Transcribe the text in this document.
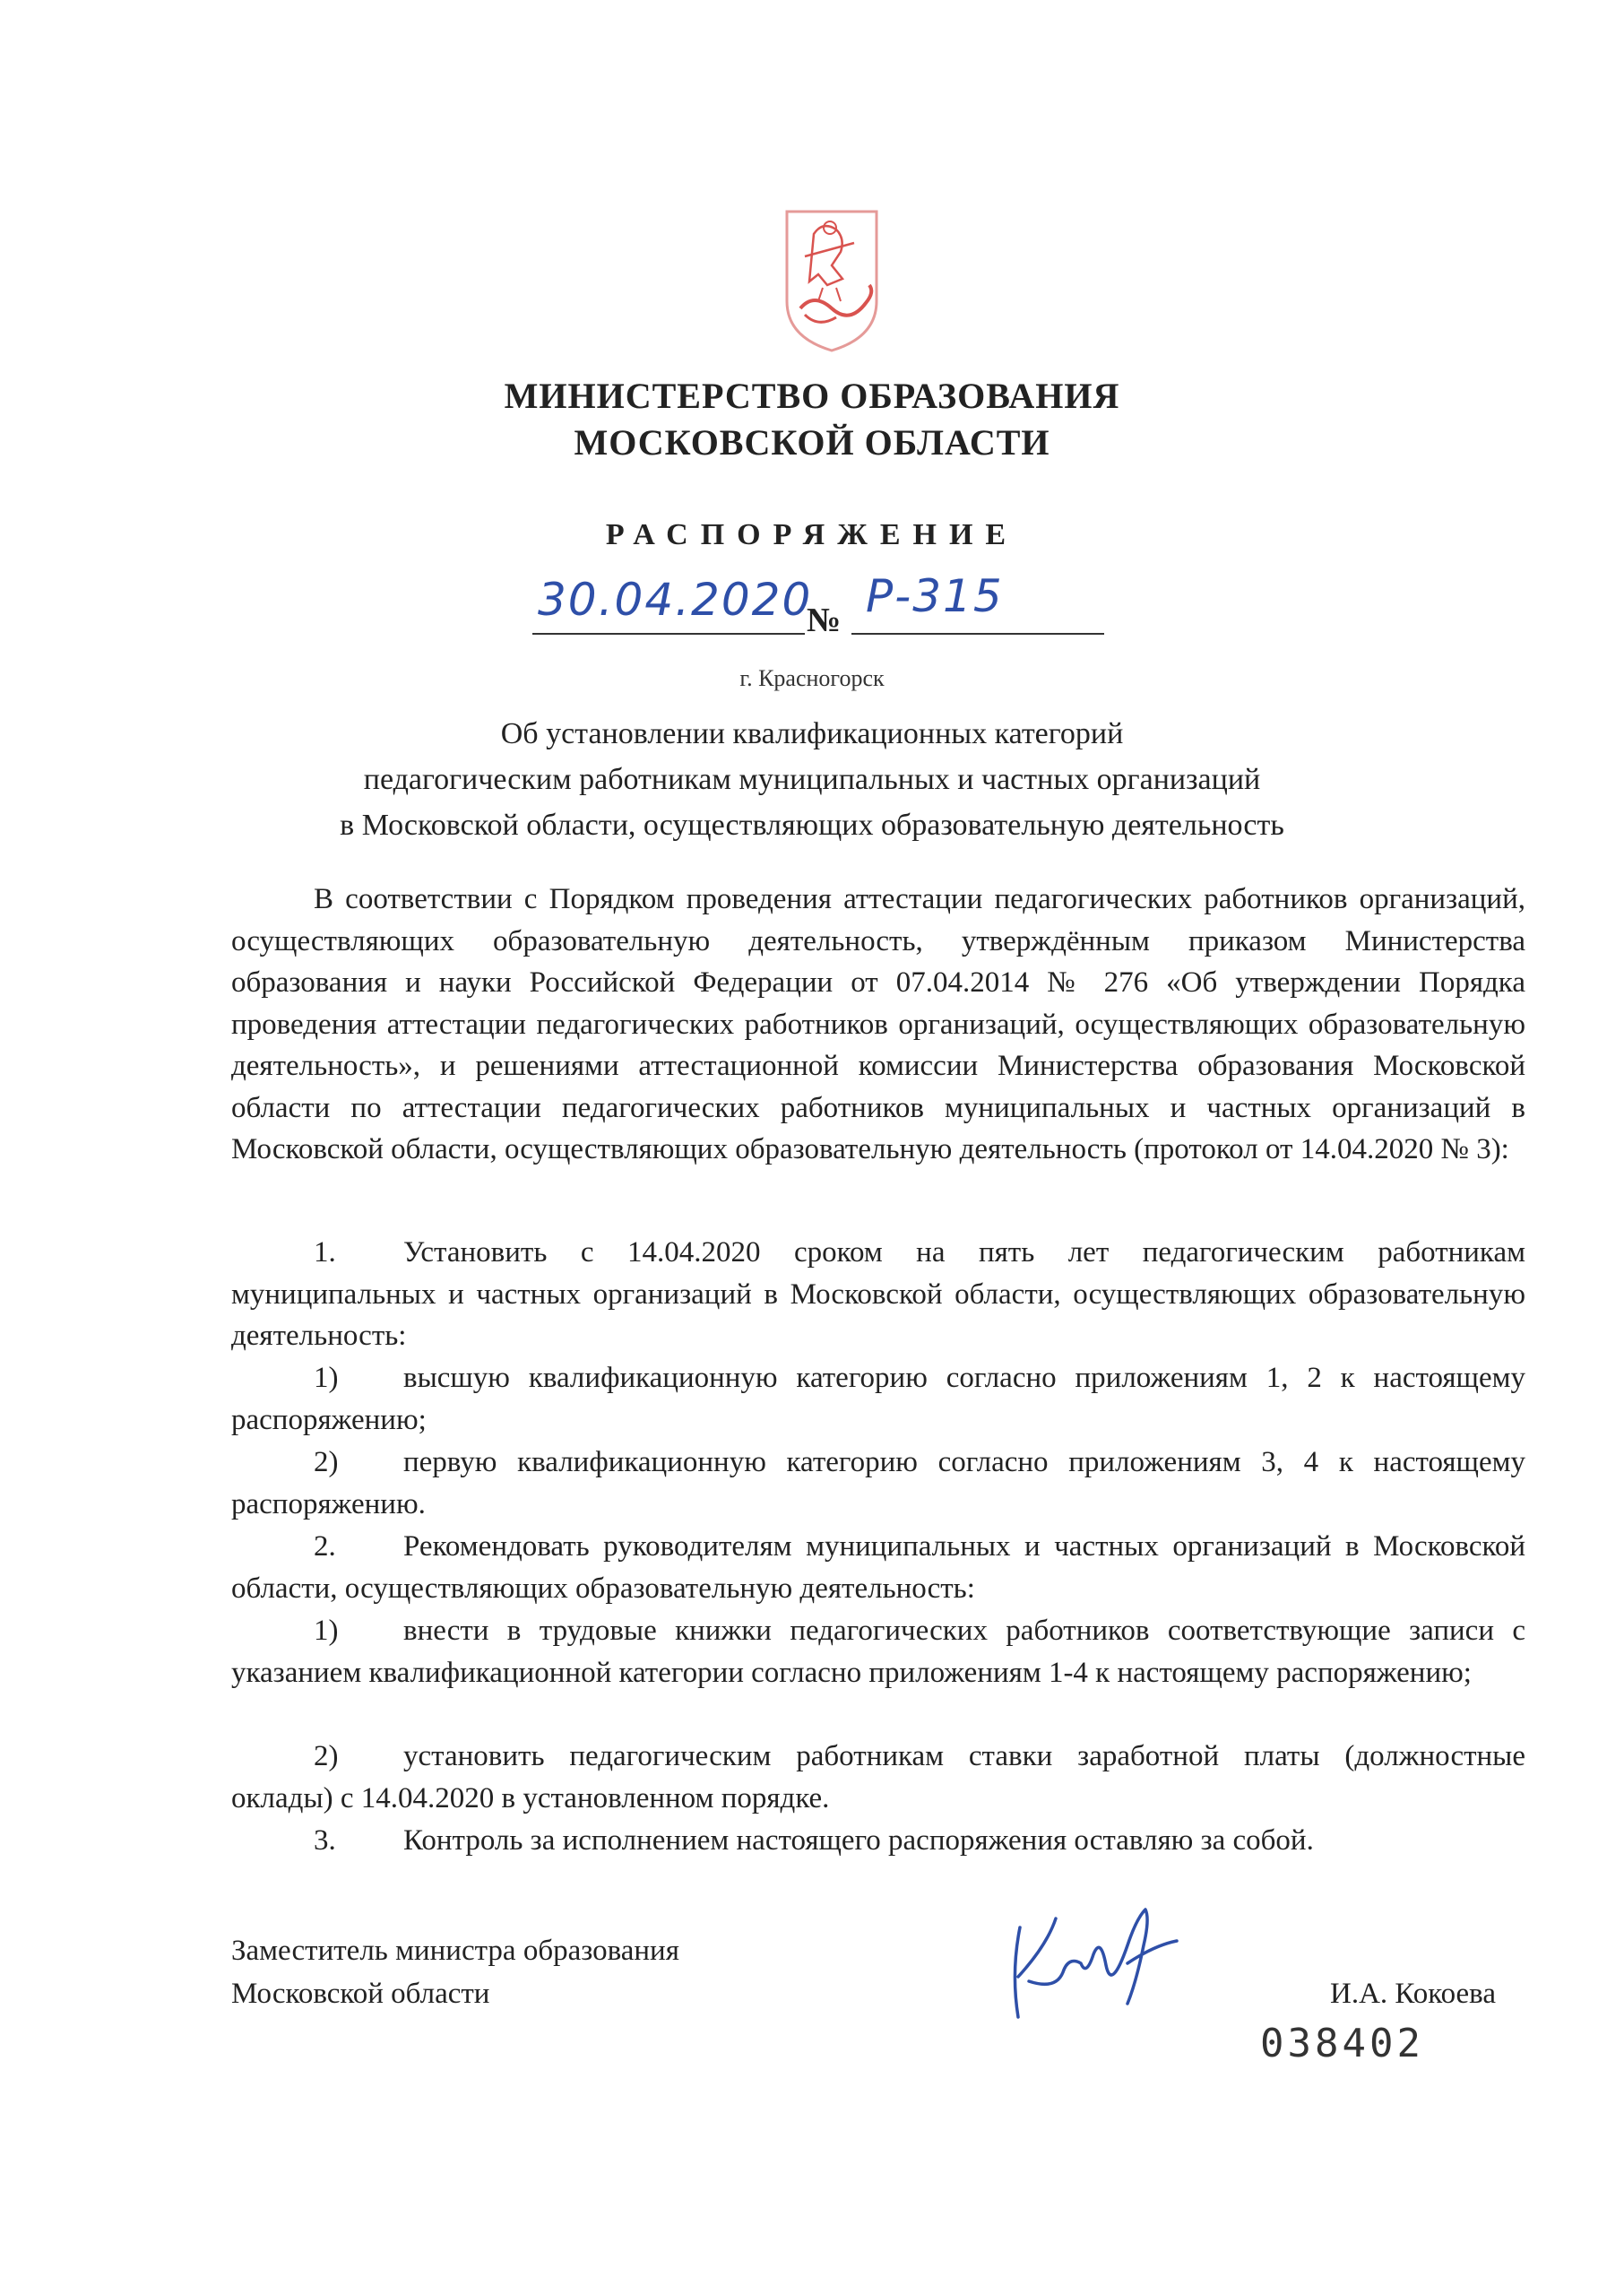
МИНИСТЕРСТВО ОБРАЗОВАНИЯ
МОСКОВСКОЙ ОБЛАСТИ
РАСПОРЯЖЕНИЕ
30.04.2020
№ Р-315
г. Красногорск
Об установлении квалификационных категорий
педагогическим работникам муниципальных и частных организаций
в Московской области, осуществляющих образовательную деятельность
В соответствии с Порядком проведения аттестации педагогических работников организаций, осуществляющих образовательную деятельность, утверждённым приказом Министерства образования и науки Российской Федерации от 07.04.2014 № 276 «Об утверждении Порядка проведения аттестации педагогических работников организаций, осуществляющих образовательную деятельность», и решениями аттестационной комиссии Министерства образования Московской области по аттестации педагогических работников муниципальных и частных организаций в Московской области, осуществляющих образовательную деятельность (протокол от 14.04.2020 № 3):
1. Установить с 14.04.2020 сроком на пять лет педагогическим работникам муниципальных и частных организаций в Московской области, осуществляющих образовательную деятельность:
1) высшую квалификационную категорию согласно приложениям 1, 2 к настоящему распоряжению;
2) первую квалификационную категорию согласно приложениям 3, 4 к настоящему распоряжению.
2. Рекомендовать руководителям муниципальных и частных организаций в Московской области, осуществляющих образовательную деятельность:
1) внести в трудовые книжки педагогических работников соответствующие записи с указанием квалификационной категории согласно приложениям 1-4 к настоящему распоряжению;
2) установить педагогическим работникам ставки заработной платы (должностные оклады) с 14.04.2020 в установленном порядке.
3. Контроль за исполнением настоящего распоряжения оставляю за собой.
Заместитель министра образования
Московской области	И.А. Кокоева
038402
